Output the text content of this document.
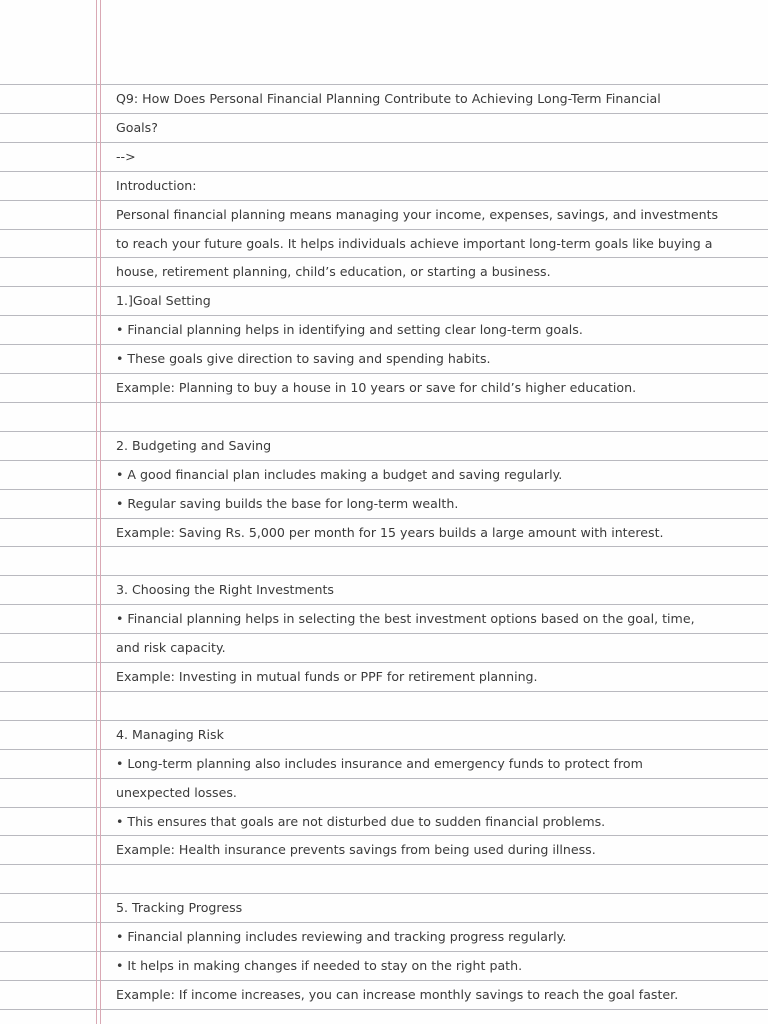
Q9: How Does Personal Financial Planning Contribute to Achieving Long-Term Financial
Goals?
-->
Introduction:
Personal financial planning means managing your income, expenses, savings, and investments
to reach your future goals. It helps individuals achieve important long-term goals like buying a
house, retirement planning, child’s education, or starting a business.
1.]Goal Setting
• Financial planning helps in identifying and setting clear long-term goals.
• These goals give direction to saving and spending habits.
Example: Planning to buy a house in 10 years or save for child’s higher education.
2. Budgeting and Saving
• A good financial plan includes making a budget and saving regularly.
• Regular saving builds the base for long-term wealth.
Example: Saving Rs. 5,000 per month for 15 years builds a large amount with interest.
3. Choosing the Right Investments
• Financial planning helps in selecting the best investment options based on the goal, time,
and risk capacity.
Example: Investing in mutual funds or PPF for retirement planning.
4. Managing Risk
• Long-term planning also includes insurance and emergency funds to protect from
unexpected losses.
• This ensures that goals are not disturbed due to sudden financial problems.
Example: Health insurance prevents savings from being used during illness.
5. Tracking Progress
• Financial planning includes reviewing and tracking progress regularly.
• It helps in making changes if needed to stay on the right path.
Example: If income increases, you can increase monthly savings to reach the goal faster.
